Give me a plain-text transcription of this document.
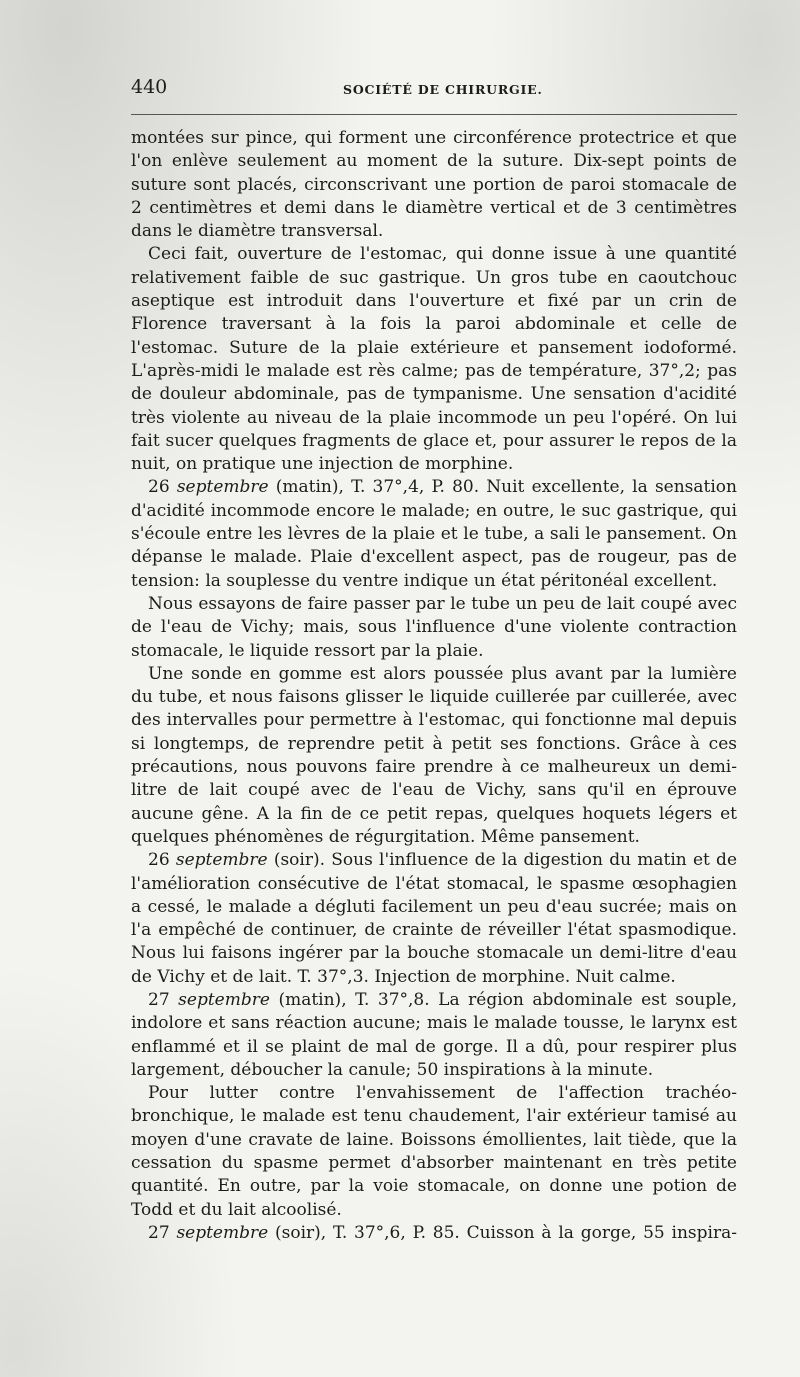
440	SOCIÉTÉ DE CHIRURGIE.

montées sur pince, qui forment une circonférence protectrice et que l'on enlève seulement au moment de la suture. Dix-sept points de suture sont placés, circonscrivant une portion de paroi stomacale de 2 centimètres et demi dans le diamètre vertical et de 3 centimètres dans le diamètre transversal.

Ceci fait, ouverture de l'estomac, qui donne issue à une quantité relativement faible de suc gastrique. Un gros tube en caoutchouc aseptique est introduit dans l'ouverture et fixé par un crin de Florence traversant à la fois la paroi abdominale et celle de l'estomac. Suture de la plaie extérieure et pansement iodoformé. L'après-midi le malade est rès calme; pas de température, 37°,2; pas de douleur abdominale, pas de tympanisme. Une sensation d'acidité très violente au niveau de la plaie incommode un peu l'opéré. On lui fait sucer quelques fragments de glace et, pour assurer le repos de la nuit, on pratique une injection de morphine.

26 septembre (matin), T. 37°,4, P. 80. Nuit excellente, la sensation d'acidité incommode encore le malade; en outre, le suc gastrique, qui s'écoule entre les lèvres de la plaie et le tube, a sali le pansement. On dépanse le malade. Plaie d'excellent aspect, pas de rougeur, pas de tension: la souplesse du ventre indique un état péritonéal excellent.

Nous essayons de faire passer par le tube un peu de lait coupé avec de l'eau de Vichy; mais, sous l'influence d'une violente contraction stomacale, le liquide ressort par la plaie.

Une sonde en gomme est alors poussée plus avant par la lumière du tube, et nous faisons glisser le liquide cuillerée par cuillerée, avec des intervalles pour permettre à l'estomac, qui fonctionne mal depuis si longtemps, de reprendre petit à petit ses fonctions. Grâce à ces précautions, nous pouvons faire prendre à ce malheureux un demi-litre de lait coupé avec de l'eau de Vichy, sans qu'il en éprouve aucune gêne. A la fin de ce petit repas, quelques hoquets légers et quelques phénomènes de régurgitation. Même pansement.

26 septembre (soir). Sous l'influence de la digestion du matin et de l'amélioration consécutive de l'état stomacal, le spasme œsophagien a cessé, le malade a dégluti facilement un peu d'eau sucrée; mais on l'a empêché de continuer, de crainte de réveiller l'état spasmodique. Nous lui faisons ingérer par la bouche stomacale un demi-litre d'eau de Vichy et de lait. T. 37°,3. Injection de morphine. Nuit calme.

27 septembre (matin), T. 37°,8. La région abdominale est souple, indolore et sans réaction aucune; mais le malade tousse, le larynx est enflammé et il se plaint de mal de gorge. Il a dû, pour respirer plus largement, déboucher la canule; 50 inspirations à la minute.

Pour lutter contre l'envahissement de l'affection trachéo-bronchique, le malade est tenu chaudement, l'air extérieur tamisé au moyen d'une cravate de laine. Boissons émollientes, lait tiède, que la cessation du spasme permet d'absorber maintenant en très petite quantité. En outre, par la voie stomacale, on donne une potion de Todd et du lait alcoolisé.

27 septembre (soir), T. 37°,6, P. 85. Cuisson à la gorge, 55 inspira-
